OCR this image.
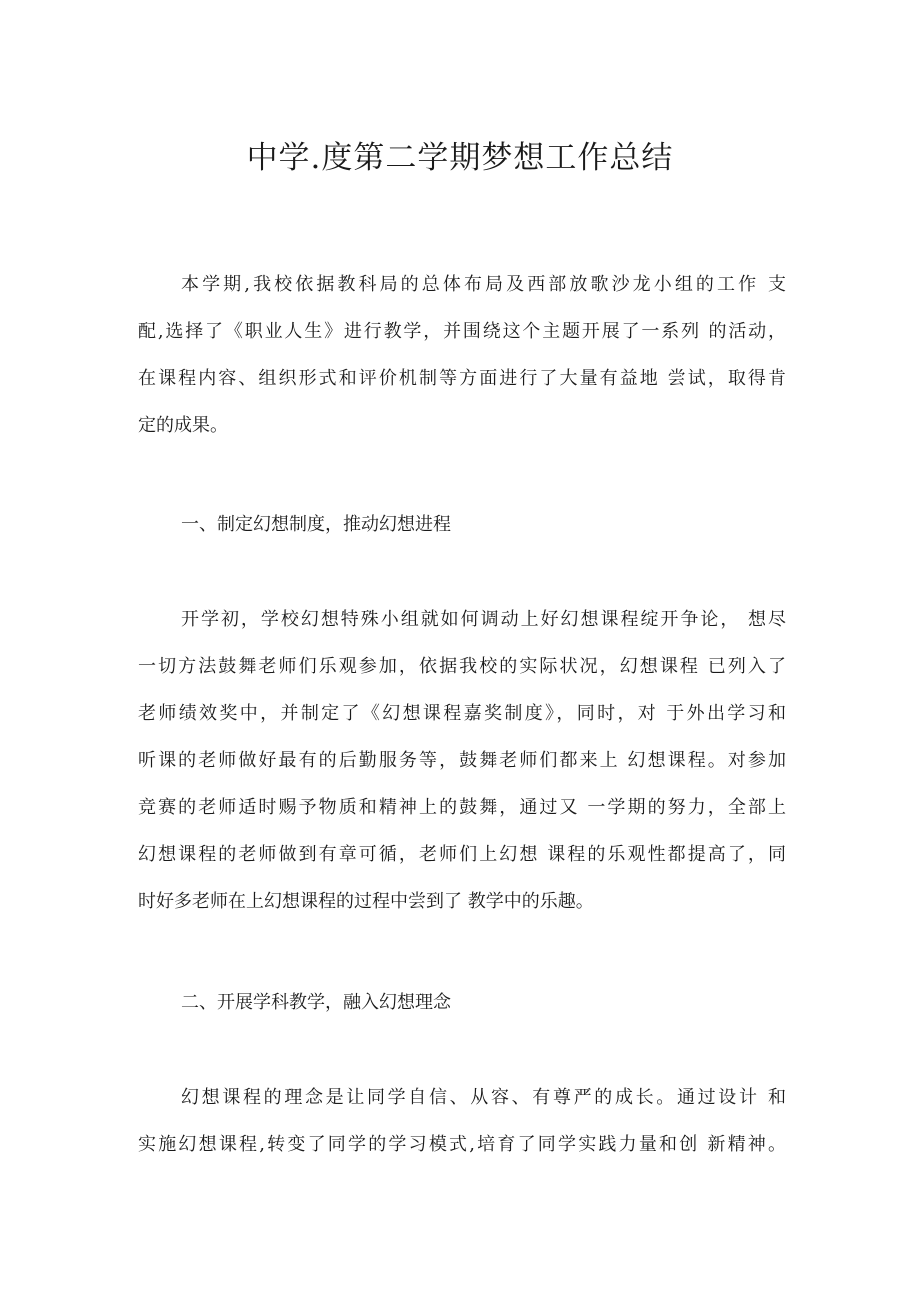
中学.度第二学期梦想工作总结
本学期,我校依据教科局的总体布局及西部放歌沙龙小组的工作 支
配,选择了《职业人生》进行教学，并围绕这个主题开展了一系列 的活动，
在课程内容、组织形式和评价机制等方面进行了大量有益地 尝试，取得肯
定的成果。
一、制定幻想制度，推动幻想进程
开学初，学校幻想特殊小组就如何调动上好幻想课程绽开争论， 想尽
一切方法鼓舞老师们乐观参加，依据我校的实际状况，幻想课程 已列入了
老师绩效奖中，并制定了《幻想课程嘉奖制度》，同时，对 于外出学习和
听课的老师做好最有的后勤服务等，鼓舞老师们都来上 幻想课程。对参加
竞赛的老师适时赐予物质和精神上的鼓舞，通过又 一学期的努力，全部上
幻想课程的老师做到有章可循，老师们上幻想 课程的乐观性都提高了，同
时好多老师在上幻想课程的过程中尝到了 教学中的乐趣。
二、开展学科教学，融入幻想理念
幻想课程的理念是让同学自信、从容、有尊严的成长。通过设计 和
实施幻想课程,转变了同学的学习模式,培育了同学实践力量和创 新精神。
